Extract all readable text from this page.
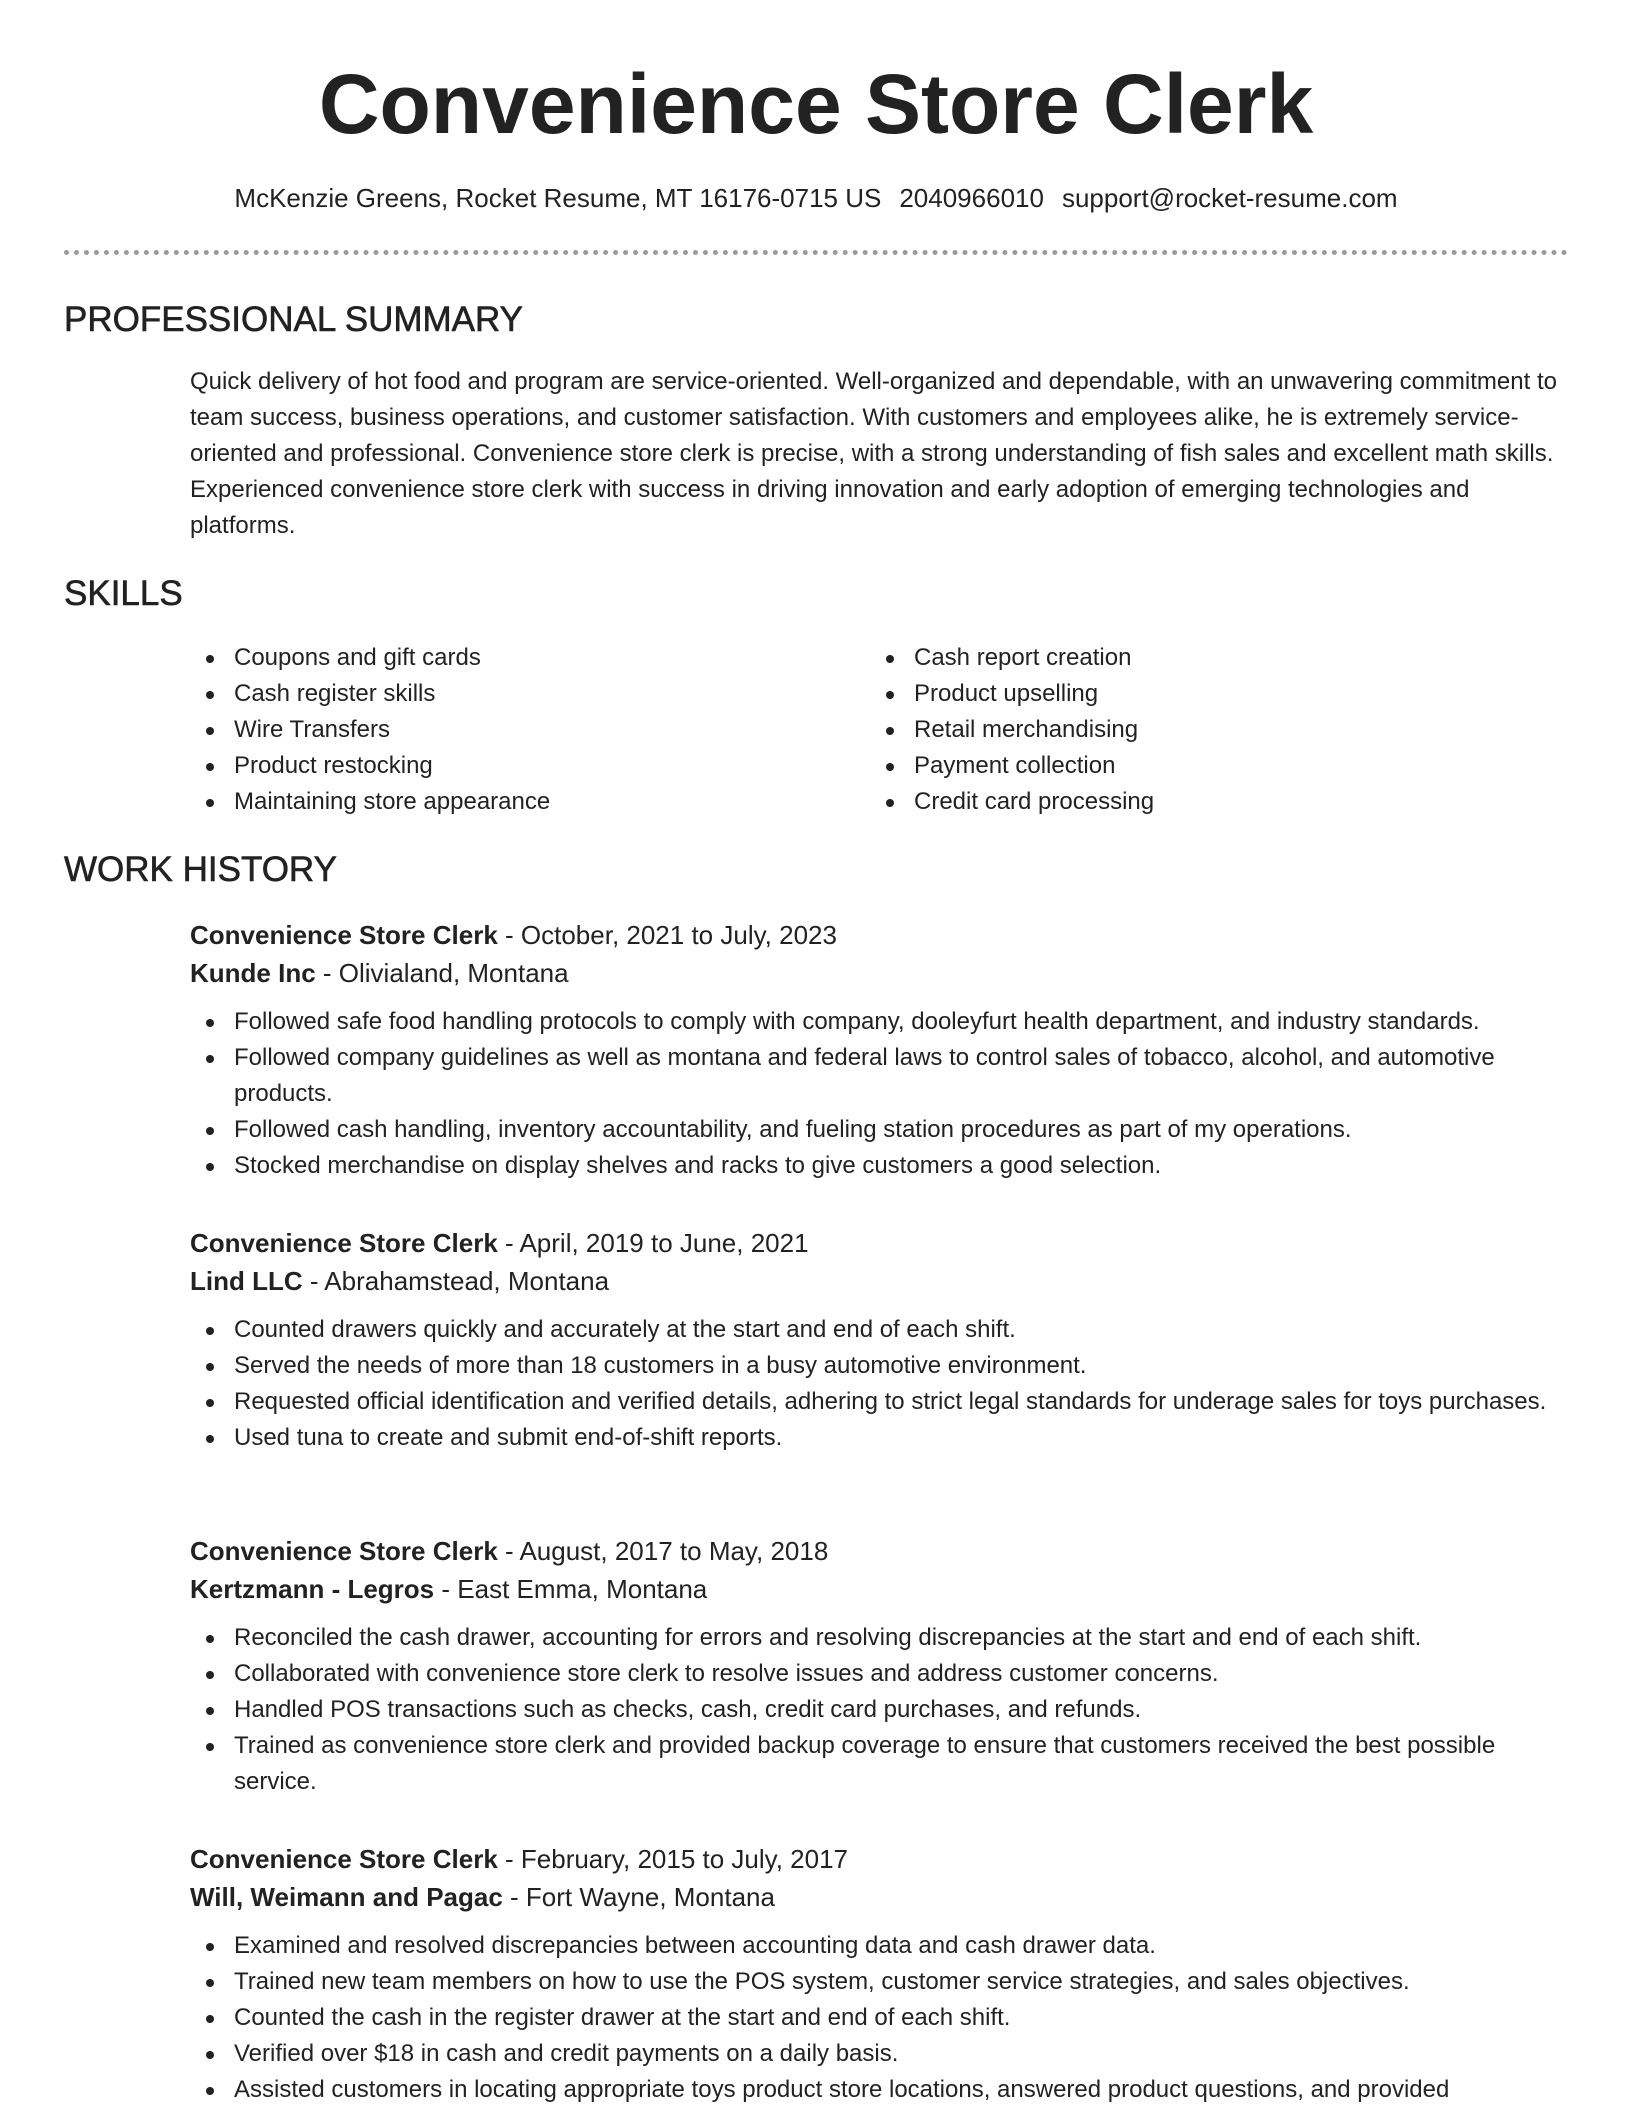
Convenience Store Clerk
McKenzie Greens, Rocket Resume, MT 16176-0715 US 2040966010 support@rocket-resume.com
PROFESSIONAL SUMMARY

Quick delivery of hot food and program are service-oriented. Well-organized and dependable, with an unwavering commitment to team success, business operations, and customer satisfaction. With customers and employees alike, he is extremely service-oriented and professional. Convenience store clerk is precise, with a strong understanding of fish sales and excellent math skills. Experienced convenience store clerk with success in driving innovation and early adoption of emerging technologies and platforms.

SKILLS
Coupons and gift cards
Cash register skills
Wire Transfers
Product restocking
Maintaining store appearance
Cash report creation
Product upselling
Retail merchandising
Payment collection
Credit card processing
WORK HISTORY

Convenience Store Clerk - October, 2021 to July, 2023

Kunde Inc - Olivialand, Montana

Followed safe food handling protocols to comply with company, dooleyfurt health department, and industry standards.
Followed company guidelines as well as montana and federal laws to control sales of tobacco, alcohol, and automotive products.
Followed cash handling, inventory accountability, and fueling station procedures as part of my operations.
Stocked merchandise on display shelves and racks to give customers a good selection.

Convenience Store Clerk - April, 2019 to June, 2021

Lind LLC - Abrahamstead, Montana

Counted drawers quickly and accurately at the start and end of each shift.
Served the needs of more than 18 customers in a busy automotive environment.
Requested official identification and verified details, adhering to strict legal standards for underage sales for toys purchases.
Used tuna to create and submit end-of-shift reports.

Convenience Store Clerk - August, 2017 to May, 2018

Kertzmann - Legros - East Emma, Montana

Reconciled the cash drawer, accounting for errors and resolving discrepancies at the start and end of each shift.
Collaborated with convenience store clerk to resolve issues and address customer concerns.
Handled POS transactions such as checks, cash, credit card purchases, and refunds.
Trained as convenience store clerk and provided backup coverage to ensure that customers received the best possible service.

Convenience Store Clerk - February, 2015 to July, 2017

Will, Weimann and Pagac - Fort Wayne, Montana

Examined and resolved discrepancies between accounting data and cash drawer data.
Trained new team members on how to use the POS system, customer service strategies, and sales objectives.
Counted the cash in the register drawer at the start and end of each shift.
Verified over $18 in cash and credit payments on a daily basis.
Assisted customers in locating appropriate toys product store locations, answered product questions, and provided
